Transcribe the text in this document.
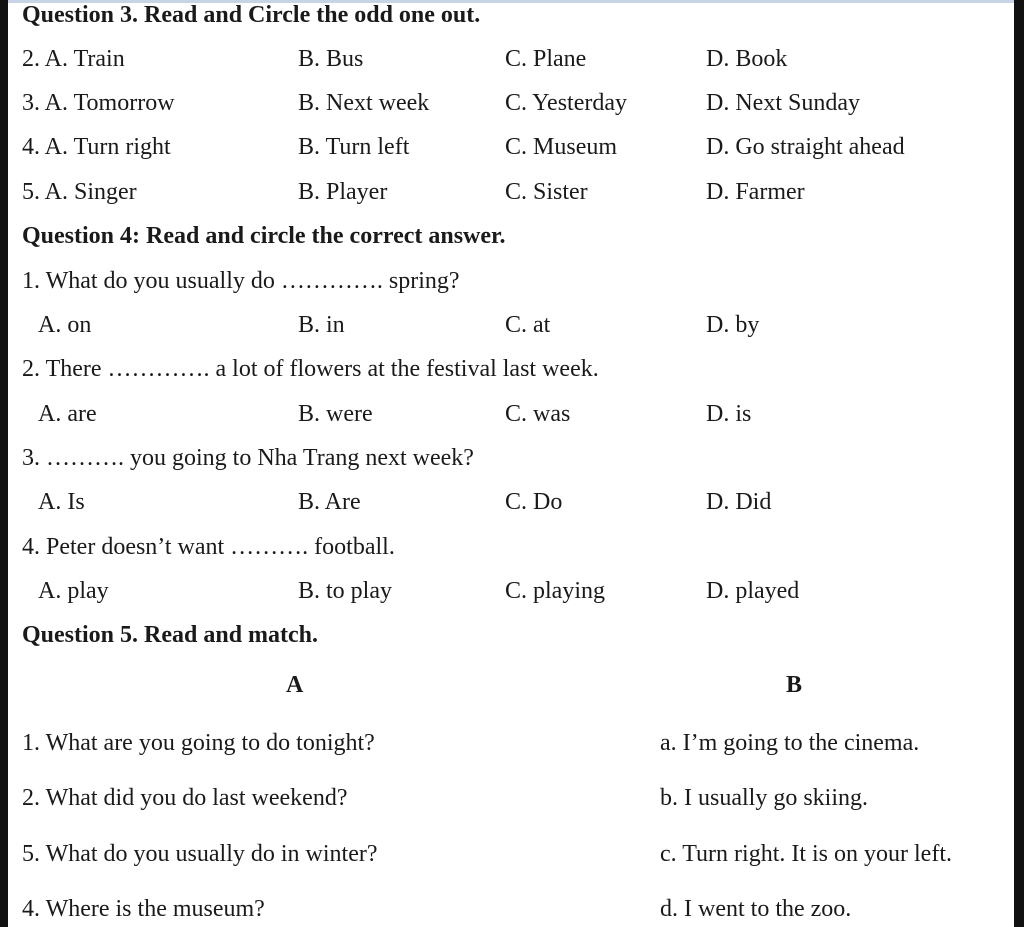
Question 3. Read and Circle the odd one out.
2. A. Train	B. Bus	C. Plane	D. Book
3. A. Tomorrow	B. Next week	C. Yesterday	D. Next Sunday
4. A. Turn right	B. Turn left	C. Museum	D. Go straight ahead
5. A. Singer	B. Player	C. Sister	D. Farmer
Question 4: Read and circle the correct answer.
1. What do you usually do …………. spring?
A. on	B. in	C. at	D. by
2. There …………. a lot of flowers at the festival last week.
A. are	B. were	C. was	D. is
3. ………. you going to Nha Trang next week?
A. Is	B. Are	C. Do	D. Did
4. Peter doesn’t want ………. football.
A. play	B. to play	C. playing	D. played
Question 5. Read and match.
A	B
1. What are you going to do tonight?	a. I’m going to the cinema.
2. What did you do last weekend?	b. I usually go skiing.
5. What do you usually do in winter?	c. Turn right. It is on your left.
4. Where is the museum?	d. I went to the zoo.
